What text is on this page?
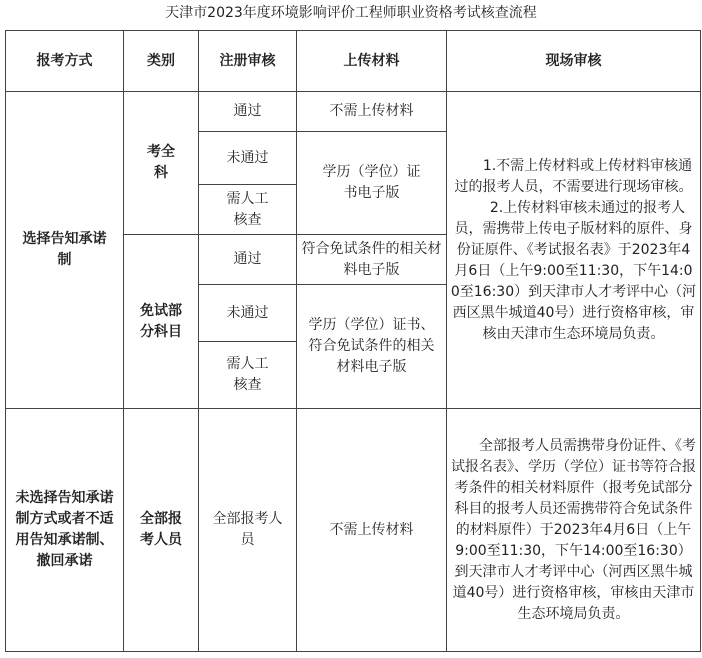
天津市2023年度环境影响评价工程师职业资格考试核查流程
报考方式	类别	注册审核	上传材料	现场审核
选择告知承诺制	考全科	通过	不需上传材料	1.不需上传材料或上传材料审核通过的报考人员，不需要进行现场审核。

2.上传材料审核未通过的报考人员，需携带上传电子版材料的原件、身份证原件、《考试报名表》于2023年4月6日（上午9:00至11:30，下午14:00至16:30）到天津市人才考评中心（河西区黑牛城道40号）进行资格审核，审核由天津市生态环境局负责。

		未通过	学历（学位）证书电子版	
		需人工核查		
	免试部分科目	通过	符合免试条件的相关材料电子版	
		未通过	学历（学位）证书、符合免试条件的相关材料电子版	
		需人工核查		
未选择告知承诺制方式或者不适用告知承诺制、撤回承诺	全部报考人员	全部报考人员	不需上传材料	全部报考人员需携带身份证件、《考试报名表》、学历（学位）证书等符合报考条件的相关材料原件（报考免试部分科目的报考人员还需携带符合免试条件的材料原件）于2023年4月6日（上午9:00至11:30，下午14:00至16:30）到天津市人才考评中心（河西区黑牛城道40号）进行资格审核，审核由天津市生态环境局负责。
